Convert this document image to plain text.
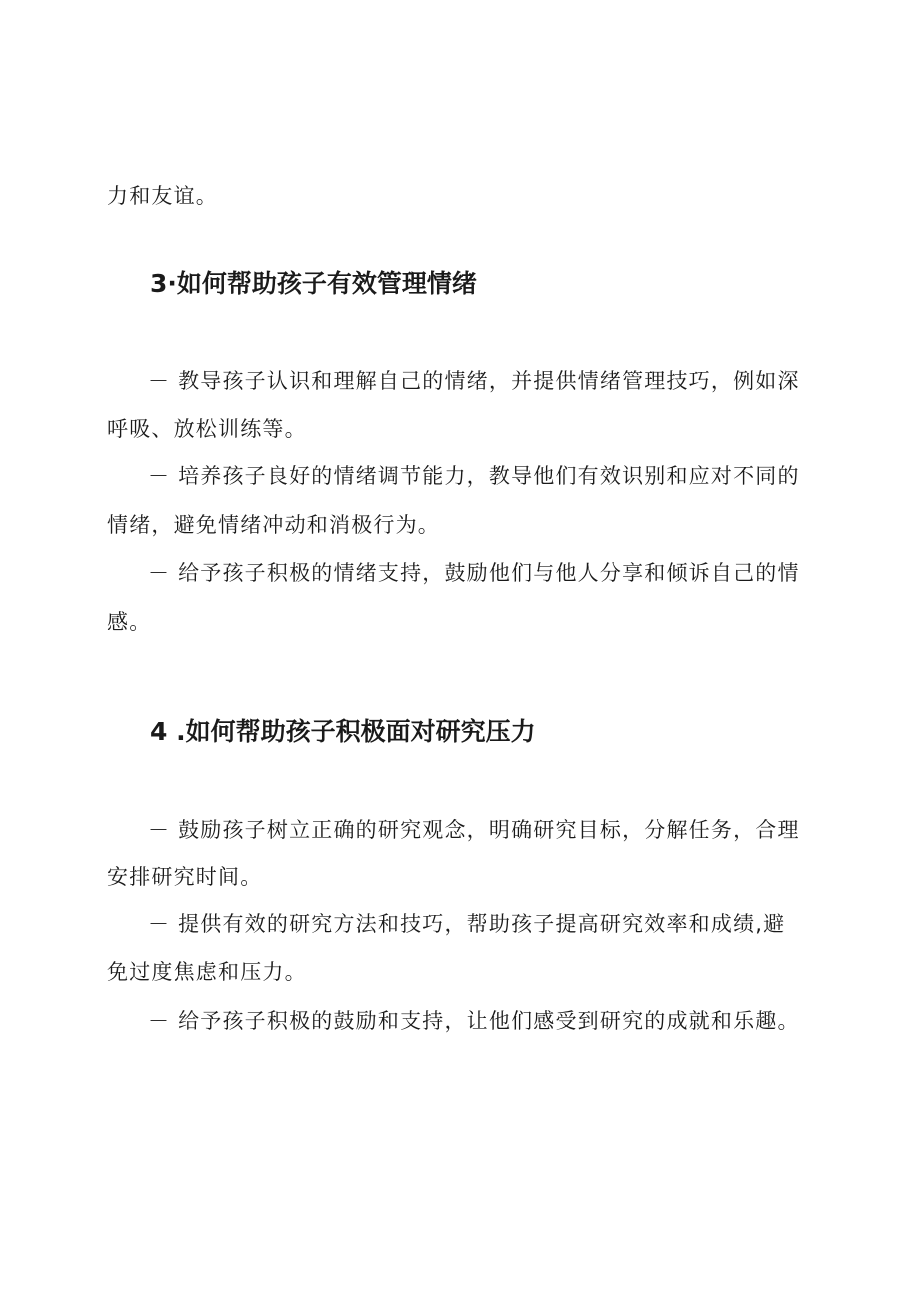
力和友谊。
3·如何帮助孩子有效管理情绪
－ 教导孩子认识和理解自己的情绪，并提供情绪管理技巧，例如深
呼吸、放松训练等。
－ 培养孩子良好的情绪调节能力，教导他们有效识别和应对不同的
情绪，避免情绪冲动和消极行为。
－ 给予孩子积极的情绪支持，鼓励他们与他人分享和倾诉自己的情
感。
4 .如何帮助孩子积极面对研究压力
－ 鼓励孩子树立正确的研究观念，明确研究目标，分解任务，合理
安排研究时间。
－ 提供有效的研究方法和技巧，帮助孩子提高研究效率和成绩,避
免过度焦虑和压力。
－ 给予孩子积极的鼓励和支持，让他们感受到研究的成就和乐趣。
